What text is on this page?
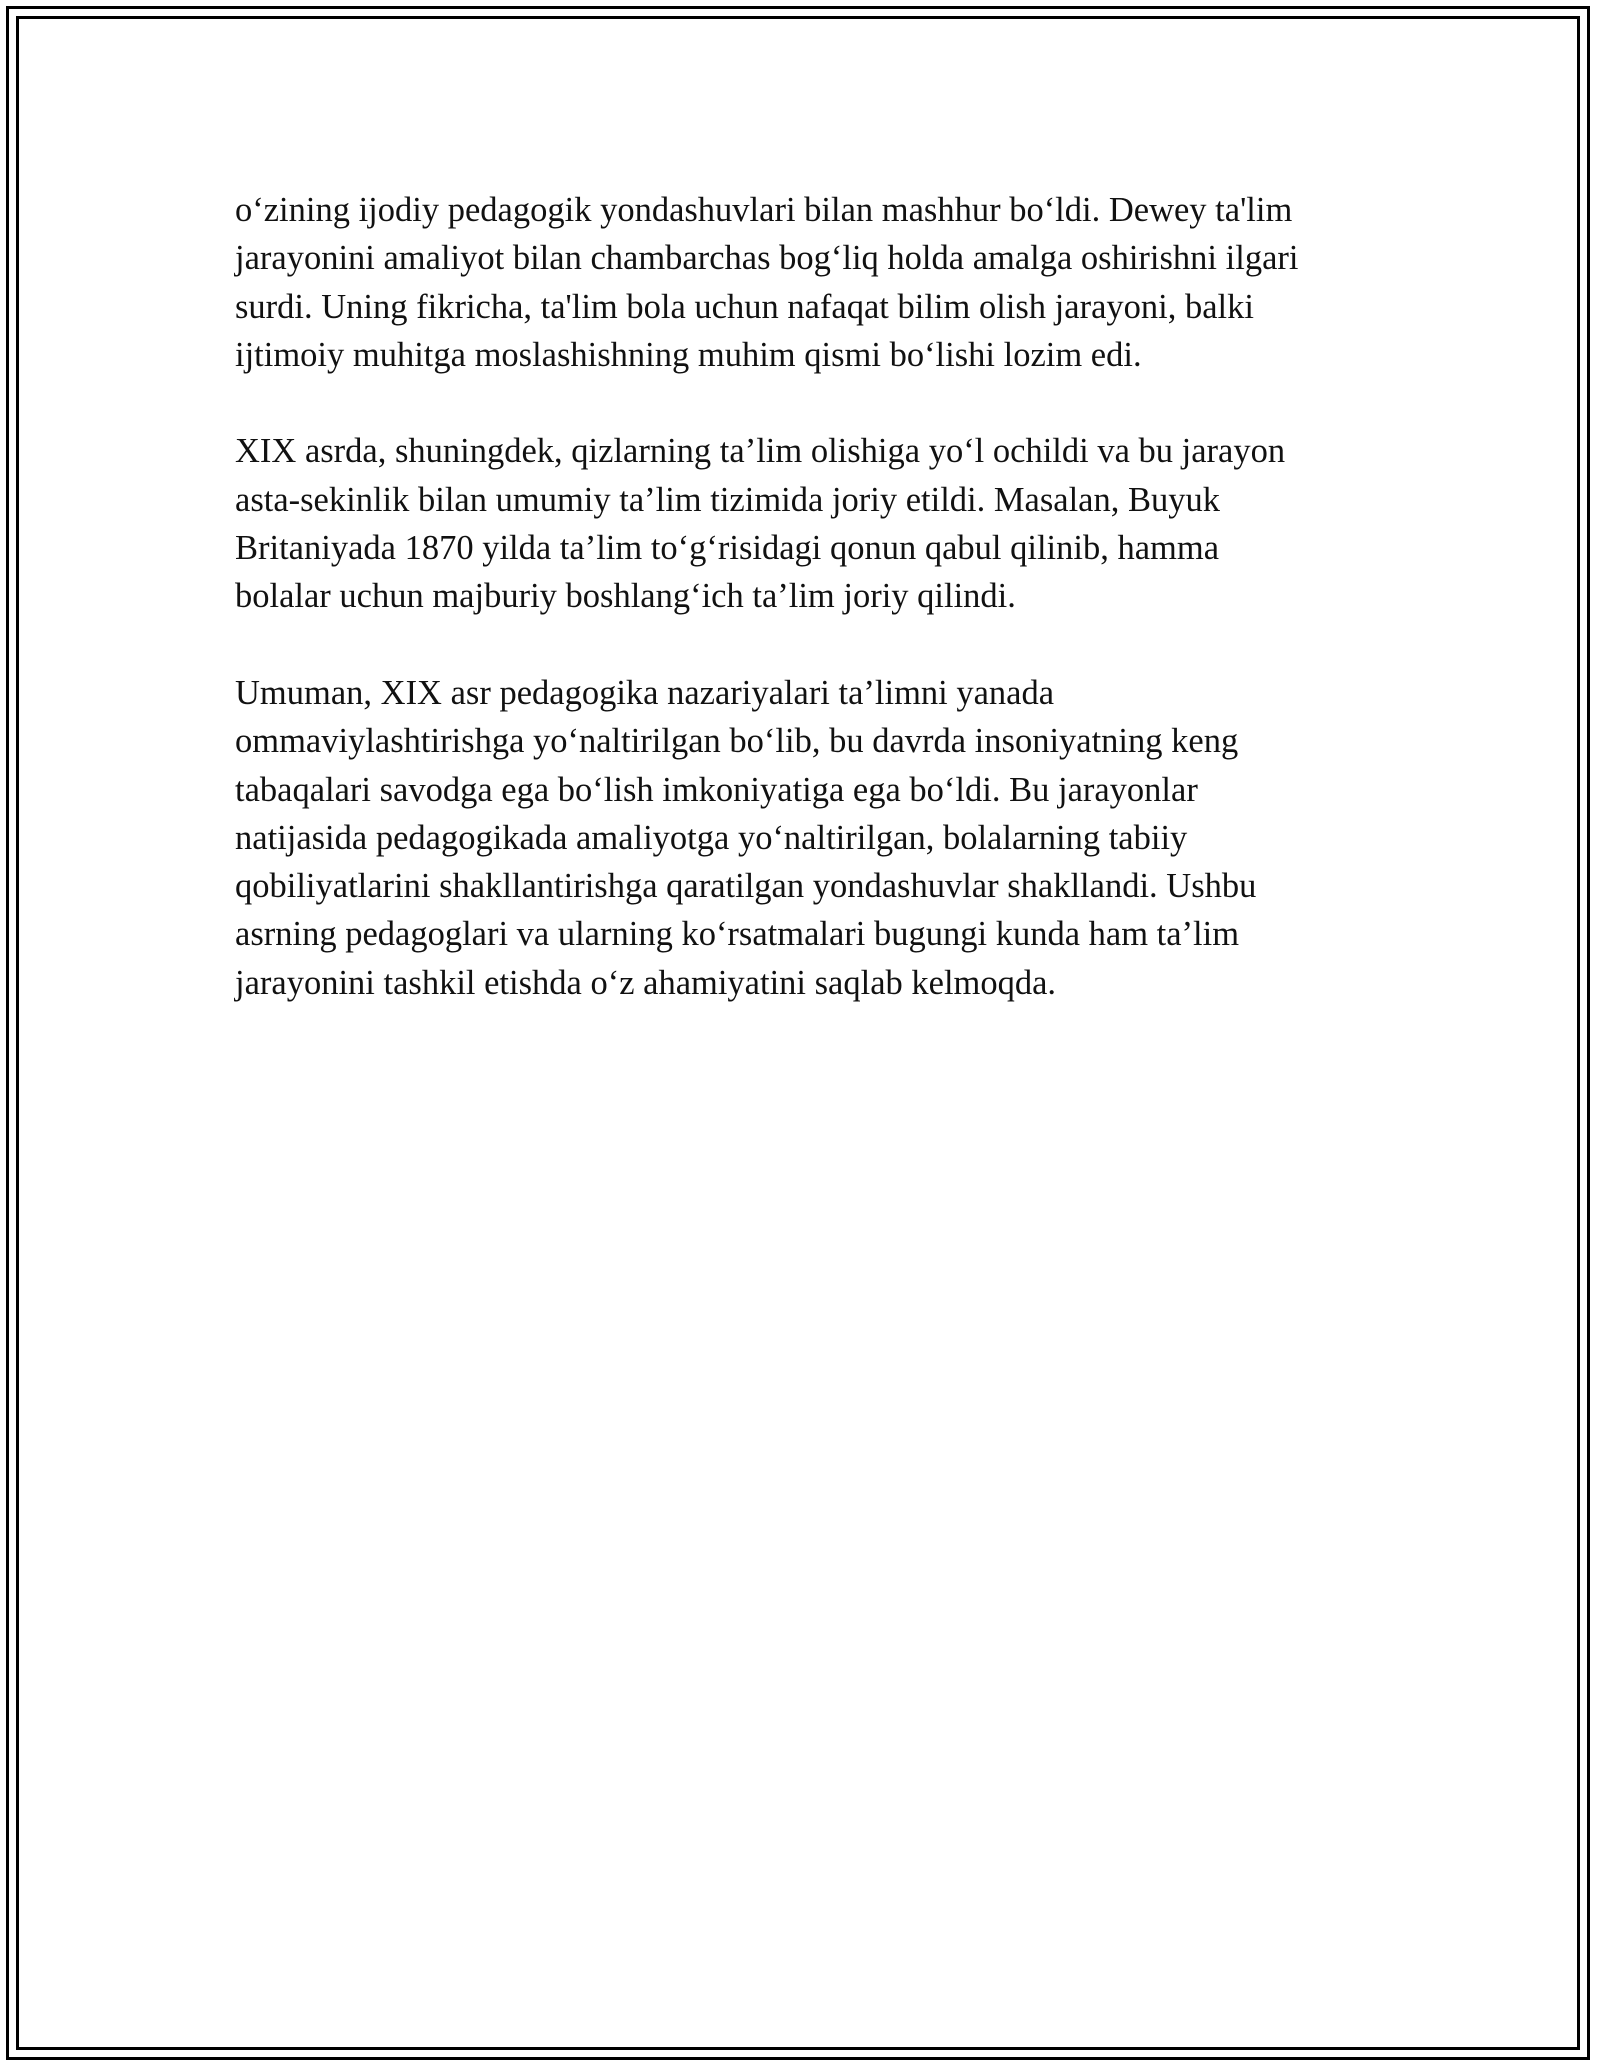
o‘zining ijodiy pedagogik yondashuvlari bilan mashhur bo‘ldi. Dewey ta'lim
jarayonini amaliyot bilan chambarchas bog‘liq holda amalga oshirishni ilgari
surdi. Uning fikricha, ta'lim bola uchun nafaqat bilim olish jarayoni, balki
ijtimoiy muhitga moslashishning muhim qismi bo‘lishi lozim edi.

XIX asrda, shuningdek, qizlarning ta’lim olishiga yo‘l ochildi va bu jarayon
asta-sekinlik bilan umumiy ta’lim tizimida joriy etildi. Masalan, Buyuk
Britaniyada 1870 yilda ta’lim to‘g‘risidagi qonun qabul qilinib, hamma
bolalar uchun majburiy boshlang‘ich ta’lim joriy qilindi.

Umuman, XIX asr pedagogika nazariyalari ta’limni yanada
ommaviylashtirishga yo‘naltirilgan bo‘lib, bu davrda insoniyatning keng
tabaqalari savodga ega bo‘lish imkoniyatiga ega bo‘ldi. Bu jarayonlar
natijasida pedagogikada amaliyotga yo‘naltirilgan, bolalarning tabiiy
qobiliyatlarini shakllantirishga qaratilgan yondashuvlar shakllandi. Ushbu
asrning pedagoglari va ularning ko‘rsatmalari bugungi kunda ham ta’lim
jarayonini tashkil etishda o‘z ahamiyatini saqlab kelmoqda.
